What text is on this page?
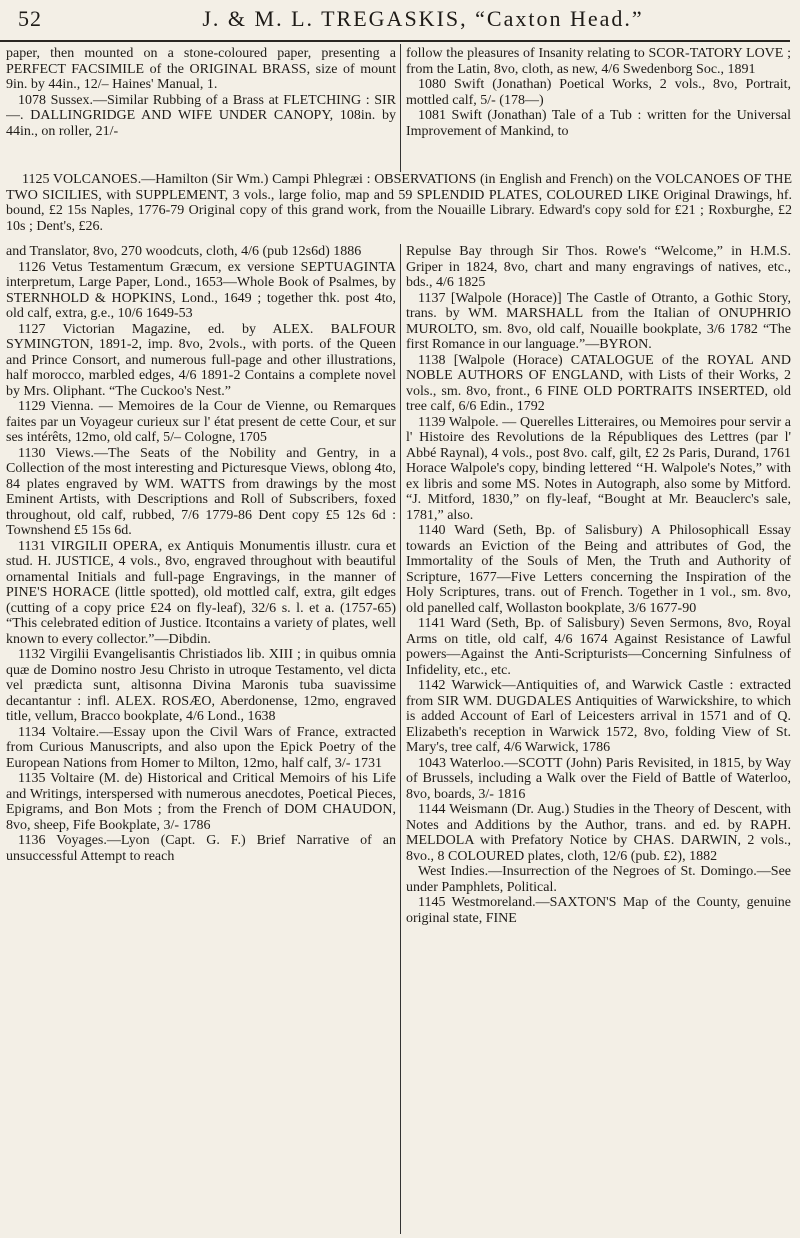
52	J. & M. L. TREGASKIS, “Caxton Head.”

paper, then mounted on a stone-coloured paper, presenting a PERFECT FACSIMILE of the ORIGINAL BRASS, size of mount 9in. by 44in., 12/– Haines' Manual, 1.

1078 Sussex.—Similar Rubbing of a Brass at FLETCHING : SIR —. DALLINGRIDGE AND WIFE UNDER CANOPY, 108in. by 44in., on roller, 21/-

follow the pleasures of Insanity relating to SCOR-TATORY LOVE ; from the Latin, 8vo, cloth, as new, 4/6 Swedenborg Soc., 1891

1080 Swift (Jonathan) Poetical Works, 2 vols., 8vo, Portrait, mottled calf, 5/- (178—)

1081 Swift (Jonathan) Tale of a Tub : written for the Universal Improvement of Mankind, to

1125 VOLCANOES.—Hamilton (Sir Wm.) Campi Phlegræi : OBSERVATIONS (in English and French) on the VOLCANOES OF THE TWO SICILIES, with SUPPLEMENT, 3 vols., large folio, map and 59 SPLENDID PLATES, COLOURED LIKE Original Drawings, hf. bound, £2 15s Naples, 1776-79 Original copy of this grand work, from the Nouaille Library. Edward's copy sold for £21 ; Roxburghe, £2 10s ; Dent's, £26.

and Translator, 8vo, 270 woodcuts, cloth, 4/6 (pub 12s6d) 1886

1126 Vetus Testamentum Græcum, ex versione SEPTUAGINTA interpretum, Large Paper, Lond., 1653—Whole Book of Psalmes, by STERNHOLD & HOPKINS, Lond., 1649 ; together thk. post 4to, old calf, extra, g.e., 10/6 1649-53

1127 Victorian Magazine, ed. by ALEX. BALFOUR SYMINGTON, 1891-2, imp. 8vo, 2vols., with ports. of the Queen and Prince Consort, and numerous full-page and other illustrations, half morocco, marbled edges, 4/6 1891-2 Contains a complete novel by Mrs. Oliphant. “The Cuckoo's Nest.”

1129 Vienna. — Memoires de la Cour de Vienne, ou Remarques faites par un Voyageur curieux sur l' état present de cette Cour, et sur ses intérêts, 12mo, old calf, 5/– Cologne, 1705

1130 Views.—The Seats of the Nobility and Gentry, in a Collection of the most interesting and Picturesque Views, oblong 4to, 84 plates engraved by WM. WATTS from drawings by the most Eminent Artists, with Descriptions and Roll of Subscribers, foxed throughout, old calf, rubbed, 7/6 1779-86 Dent copy £5 12s 6d : Townshend £5 15s 6d.

1131 VIRGILII OPERA, ex Antiquis Monumentis illustr. cura et stud. H. JUSTICE, 4 vols., 8vo, engraved throughout with beautiful ornamental Initials and full-page Engravings, in the manner of PINE'S HORACE (little spotted), old mottled calf, extra, gilt edges (cutting of a copy price £24 on fly-leaf), 32/6 s. l. et a. (1757-65) “This celebrated edition of Justice. Itcontains a variety of plates, well known to every collector.”—Dibdin.

1132 Virgilii Evangelisantis Christiados lib. XIII ; in quibus omnia quæ de Domino nostro Jesu Christo in utroque Testamento, vel dicta vel prædicta sunt, altisonna Divina Maronis tuba suavissime decantantur : infl. ALEX. ROSÆO, Aberdonense, 12mo, engraved title, vellum, Bracco bookplate, 4/6 Lond., 1638

1134 Voltaire.—Essay upon the Civil Wars of France, extracted from Curious Manuscripts, and also upon the Epick Poetry of the European Nations from Homer to Milton, 12mo, half calf, 3/- 1731

1135 Voltaire (M. de) Historical and Critical Memoirs of his Life and Writings, interspersed with numerous anecdotes, Poetical Pieces, Epigrams, and Bon Mots ; from the French of DOM CHAUDON, 8vo, sheep, Fife Bookplate, 3/- 1786

1136 Voyages.—Lyon (Capt. G. F.) Brief Narrative of an unsuccessful Attempt to reach

Repulse Bay through Sir Thos. Rowe's “Welcome,” in H.M.S. Griper in 1824, 8vo, chart and many engravings of natives, etc., bds., 4/6 1825

1137 [Walpole (Horace)] The Castle of Otranto, a Gothic Story, trans. by WM. MARSHALL from the Italian of ONUPHRIO MUROLTO, sm. 8vo, old calf, Nouaille bookplate, 3/6 1782 “The first Romance in our language.”—BYRON.

1138 [Walpole (Horace) CATALOGUE of the ROYAL AND NOBLE AUTHORS OF ENGLAND, with Lists of their Works, 2 vols., sm. 8vo, front., 6 FINE OLD PORTRAITS INSERTED, old tree calf, 6/6 Edin., 1792

1139 Walpole. — Querelles Litteraires, ou Memoires pour servir a l' Histoire des Revolutions de la Républiques des Lettres (par l' Abbé Raynal), 4 vols., post 8vo. calf, gilt, £2 2s Paris, Durand, 1761 Horace Walpole's copy, binding lettered ‘‘H. Walpole's Notes,” with ex libris and some MS. Notes in Autograph, also some by Mitford. “J. Mitford, 1830,” on fly-leaf, “Bought at Mr. Beauclerc's sale, 1781,” also.

1140 Ward (Seth, Bp. of Salisbury) A Philosophicall Essay towards an Eviction of the Being and attributes of God, the Immortality of the Souls of Men, the Truth and Authority of Scripture, 1677—Five Letters concerning the Inspiration of the Holy Scriptures, trans. out of French. Together in 1 vol., sm. 8vo, old panelled calf, Wollaston bookplate, 3/6 1677-90

1141 Ward (Seth, Bp. of Salisbury) Seven Sermons, 8vo, Royal Arms on title, old calf, 4/6 1674 Against Resistance of Lawful powers—Against the Anti-Scripturists—Concerning Sinfulness of Infidelity, etc., etc.

1142 Warwick—Antiquities of, and Warwick Castle : extracted from SIR WM. DUGDALES Antiquities of Warwickshire, to which is added Account of Earl of Leicesters arrival in 1571 and of Q. Elizabeth's reception in Warwick 1572, 8vo, folding View of St. Mary's, tree calf, 4/6 Warwick, 1786

1043 Waterloo.—SCOTT (John) Paris Revisited, in 1815, by Way of Brussels, including a Walk over the Field of Battle of Waterloo, 8vo, boards, 3/- 1816

1144 Weismann (Dr. Aug.) Studies in the Theory of Descent, with Notes and Additions by the Author, trans. and ed. by RAPH. MELDOLA with Prefatory Notice by CHAS. DARWIN, 2 vols., 8vo., 8 COLOURED plates, cloth, 12/6 (pub. £2), 1882

West Indies.—Insurrection of the Negroes of St. Domingo.—See under Pamphlets, Political.

1145 Westmoreland.—SAXTON'S Map of the County, genuine original state, FINE
